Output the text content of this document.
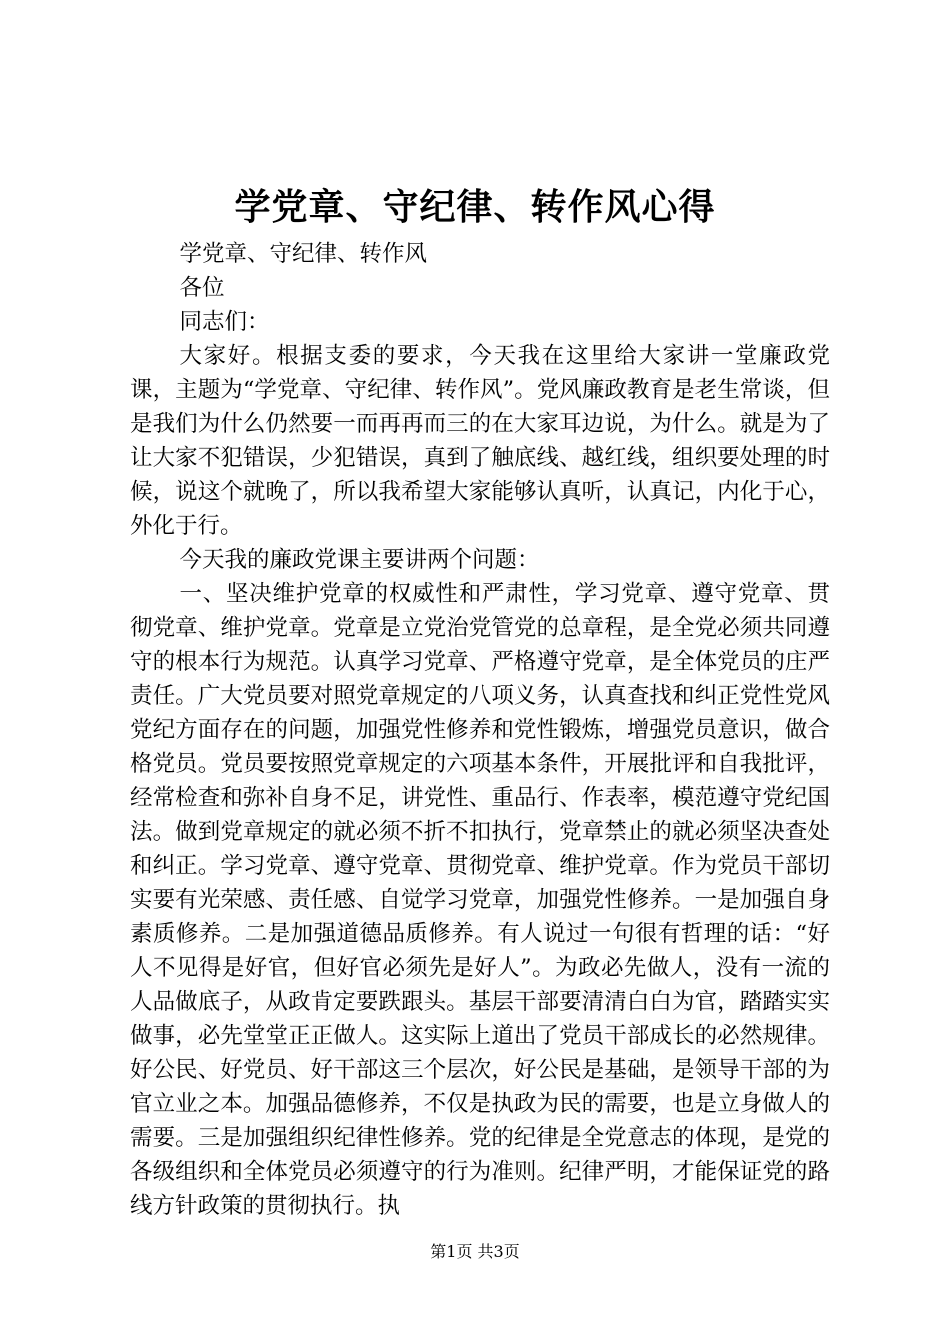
学党章、守纪律、转作风心得

学党章、守纪律、转作风

各位

同志们：

大家好。根据支委的要求，今天我在这里给大家讲一堂廉政党课，主题为“学党章、守纪律、转作风”。党风廉政教育是老生常谈，但是我们为什么仍然要一而再再而三的在大家耳边说，为什么。就是为了让大家不犯错误，少犯错误，真到了触底线、越红线，组织要处理的时候，说这个就晚了，所以我希望大家能够认真听，认真记，内化于心，外化于行。

今天我的廉政党课主要讲两个问题：

一、坚决维护党章的权威性和严肃性，学习党章、遵守党章、贯彻党章、维护党章。党章是立党治党管党的总章程，是全党必须共同遵守的根本行为规范。认真学习党章、严格遵守党章，是全体党员的庄严责任。广大党员要对照党章规定的八项义务，认真查找和纠正党性党风党纪方面存在的问题，加强党性修养和党性锻炼，增强党员意识，做合格党员。党员要按照党章规定的六项基本条件，开展批评和自我批评，经常检查和弥补自身不足，讲党性、重品行、作表率，模范遵守党纪国法。做到党章规定的就必须不折不扣执行，党章禁止的就必须坚决查处和纠正。学习党章、遵守党章、贯彻党章、维护党章。作为党员干部切实要有光荣感、责任感、自觉学习党章，加强党性修养。一是加强自身素质修养。二是加强道德品质修养。有人说过一句很有哲理的话：“好人不见得是好官，但好官必须先是好人”。为政必先做人，没有一流的人品做底子，从政肯定要跌跟头。基层干部要清清白白为官，踏踏实实做事，必先堂堂正正做人。这实际上道出了党员干部成长的必然规律。好公民、好党员、好干部这三个层次，好公民是基础，是领导干部的为官立业之本。加强品德修养，不仅是执政为民的需要，也是立身做人的需要。三是加强组织纪律性修养。党的纪律是全党意志的体现，是党的各级组织和全体党员必须遵守的行为准则。纪律严明，才能保证党的路线方针政策的贯彻执行。执

第1页 共3页
